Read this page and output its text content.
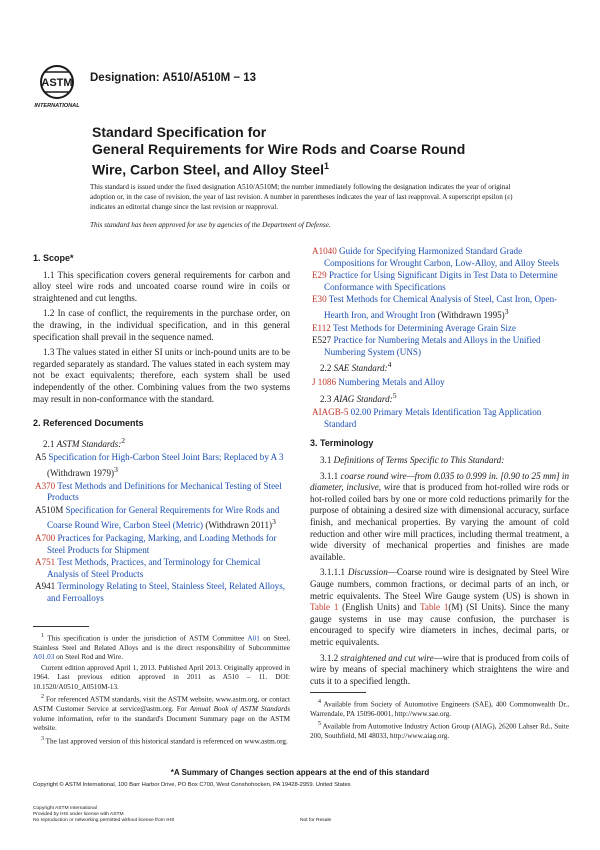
ASTM
INTERNATIONAL
Designation: A510/A510M − 13
Standard Specification for
General Requirements for Wire Rods and Coarse Round
Wire, Carbon Steel, and Alloy Steel$^1$
This standard is issued under the fixed designation A510/A510M; the number immediately following the designation indicates the year of original adoption or, in the case of revision, the year of last revision. A number in parentheses indicates the year of last reapproval. A superscript epsilon (ε) indicates an editorial change since the last revision or reapproval.
This standard has been approved for use by agencies of the Department of Defense.
1. Scope*

1.1 This specification covers general requirements for carbon and alloy steel wire rods and uncoated coarse round wire in coils or straightened and cut lengths.

1.2 In case of conflict, the requirements in the purchase order, on the drawing, in the individual specification, and in this general specification shall prevail in the sequence named.

1.3 The values stated in either SI units or inch-pound units are to be regarded separately as standard. The values stated in each system may not be exact equivalents; therefore, each system shall be used independently of the other. Combining values from the two systems may result in non-conformance with the standard.

2. Referenced Documents
2.1 ASTM Standards:$^2$
A5 Specification for High-Carbon Steel Joint Bars; Replaced by A 3 (Withdrawn 1979)$^3$
A370 Test Methods and Definitions for Mechanical Testing of Steel Products
A510M Specification for General Requirements for Wire Rods and Coarse Round Wire, Carbon Steel (Metric) (Withdrawn 2011)$^3$
A700 Practices for Packaging, Marking, and Loading Methods for Steel Products for Shipment
A751 Test Methods, Practices, and Terminology for Chemical Analysis of Steel Products
A941 Terminology Relating to Steel, Stainless Steel, Related Alloys, and Ferroalloys
A1040 Guide for Specifying Harmonized Standard Grade Compositions for Wrought Carbon, Low-Alloy, and Alloy Steels
E29 Practice for Using Significant Digits in Test Data to Determine Conformance with Specifications
E30 Test Methods for Chemical Analysis of Steel, Cast Iron, Open-Hearth Iron, and Wrought Iron (Withdrawn 1995)$^3$
E112 Test Methods for Determining Average Grain Size
E527 Practice for Numbering Metals and Alloys in the Unified Numbering System (UNS)
2.2 SAE Standard:$^4$
J 1086 Numbering Metals and Alloy
2.3 AIAG Standard:$^5$
AIAGB-5 02.00 Primary Metals Identification Tag Application Standard
3. Terminology

3.1 Definitions of Terms Specific to This Standard:

3.1.1 coarse round wire—from 0.035 to 0.999 in. [0.90 to 25 mm] in diameter, inclusive, wire that is produced from hot-rolled wire rods or hot-rolled coiled bars by one or more cold reductions primarily for the purpose of obtaining a desired size with dimensional accuracy, surface finish, and mechanical properties. By varying the amount of cold reduction and other wire mill practices, including thermal treatment, a wide diversity of mechanical properties and finishes are made available.

3.1.1.1 Discussion—Coarse round wire is designated by Steel Wire Gauge numbers, common fractions, or decimal parts of an inch, or metric equivalents. The Steel Wire Gauge system (US) is shown in Table 1 (English Units) and Table 1(M) (SI Units). Since the many gauge systems in use may cause confusion, the purchaser is encouraged to specify wire diameters in inches, decimal parts, or metric equivalents.

3.1.2 straightened and cut wire—wire that is produced from coils of wire by means of special machinery which straightens the wire and cuts it to a specified length.

$^1$ This specification is under the jurisdiction of ASTM Committee A01 on Steel, Stainless Steel and Related Alloys and is the direct responsibility of Subcommittee A01.03 on Steel Rod and Wire.

Current edition approved April 1, 2013. Published April 2013. Originally approved in 1964. Last previous edition approved in 2011 as A510 – 11. DOI: 10.1520/A0510_A0510M-13.

$^2$ For referenced ASTM standards, visit the ASTM website, www.astm.org, or contact ASTM Customer Service at service@astm.org. For Annual Book of ASTM Standards volume information, refer to the standard's Document Summary page on the ASTM website.

$^3$ The last approved version of this historical standard is referenced on www.astm.org.

$^4$ Available from Society of Automotive Engineers (SAE), 400 Commonwealth Dr., Warrendale, PA 15096-0001, http://www.sae.org.

$^5$ Available from Automotive Industry Action Group (AIAG), 26200 Lahser Rd., Suite 200, Southfield, MI 48033, http://www.aiag.org.

*A Summary of Changes section appears at the end of this standard
Copyright © ASTM International, 100 Barr Harbor Drive, PO Box C700, West Conshohocken, PA 19428-2959. United States
Copyright ASTM International
Provided by IHS under license with ASTM
No reproduction or networking permitted without license from IHS	Not for Resale
